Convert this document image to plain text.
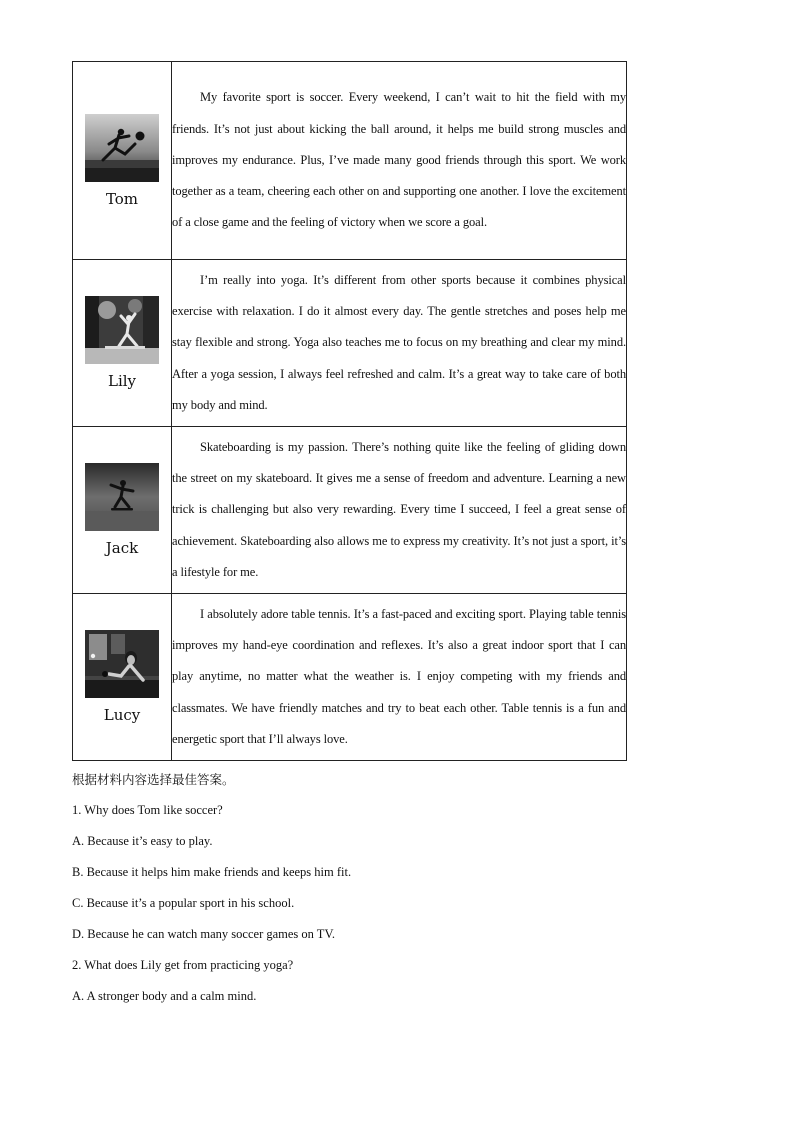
Tom	My favorite sport is soccer. Every weekend, I can’t wait to hit the field with my friends. It’s not just about kicking the ball around, it helps me build strong muscles and improves my endurance. Plus, I’ve made many good friends through this sport. We work together as a team, cheering each other on and supporting one another. I love the excitement of a close game and the feeling of victory when we score a goal.

Lily	I’m really into yoga. It’s different from other sports because it combines physical exercise with relaxation. I do it almost every day. The gentle stretches and poses help me stay flexible and strong. Yoga also teaches me to focus on my breathing and clear my mind. After a yoga session, I always feel refreshed and calm. It’s a great way to take care of both my body and mind.

Jack	Skateboarding is my passion. There’s nothing quite like the feeling of gliding down the street on my skateboard. It gives me a sense of freedom and adventure. Learning a new trick is challenging but also very rewarding. Every time I succeed, I feel a great sense of achievement. Skateboarding also allows me to express my creativity. It’s not just a sport, it’s a lifestyle for me.

Lucy	I absolutely adore table tennis. It’s a fast-paced and exciting sport. Playing table tennis improves my hand-eye coordination and reflexes. It’s also a great indoor sport that I can play anytime, no matter what the weather is. I enjoy competing with my friends and classmates. We have friendly matches and try to beat each other. Table tennis is a fun and energetic sport that I’ll always love.

根据材料内容选择最佳答案。
1. Why does Tom like soccer?
A. Because it’s easy to play.
B. Because it helps him make friends and keeps him fit.
C. Because it’s a popular sport in his school.
D. Because he can watch many soccer games on TV.
2. What does Lily get from practicing yoga?
A. A stronger body and a calm mind.
